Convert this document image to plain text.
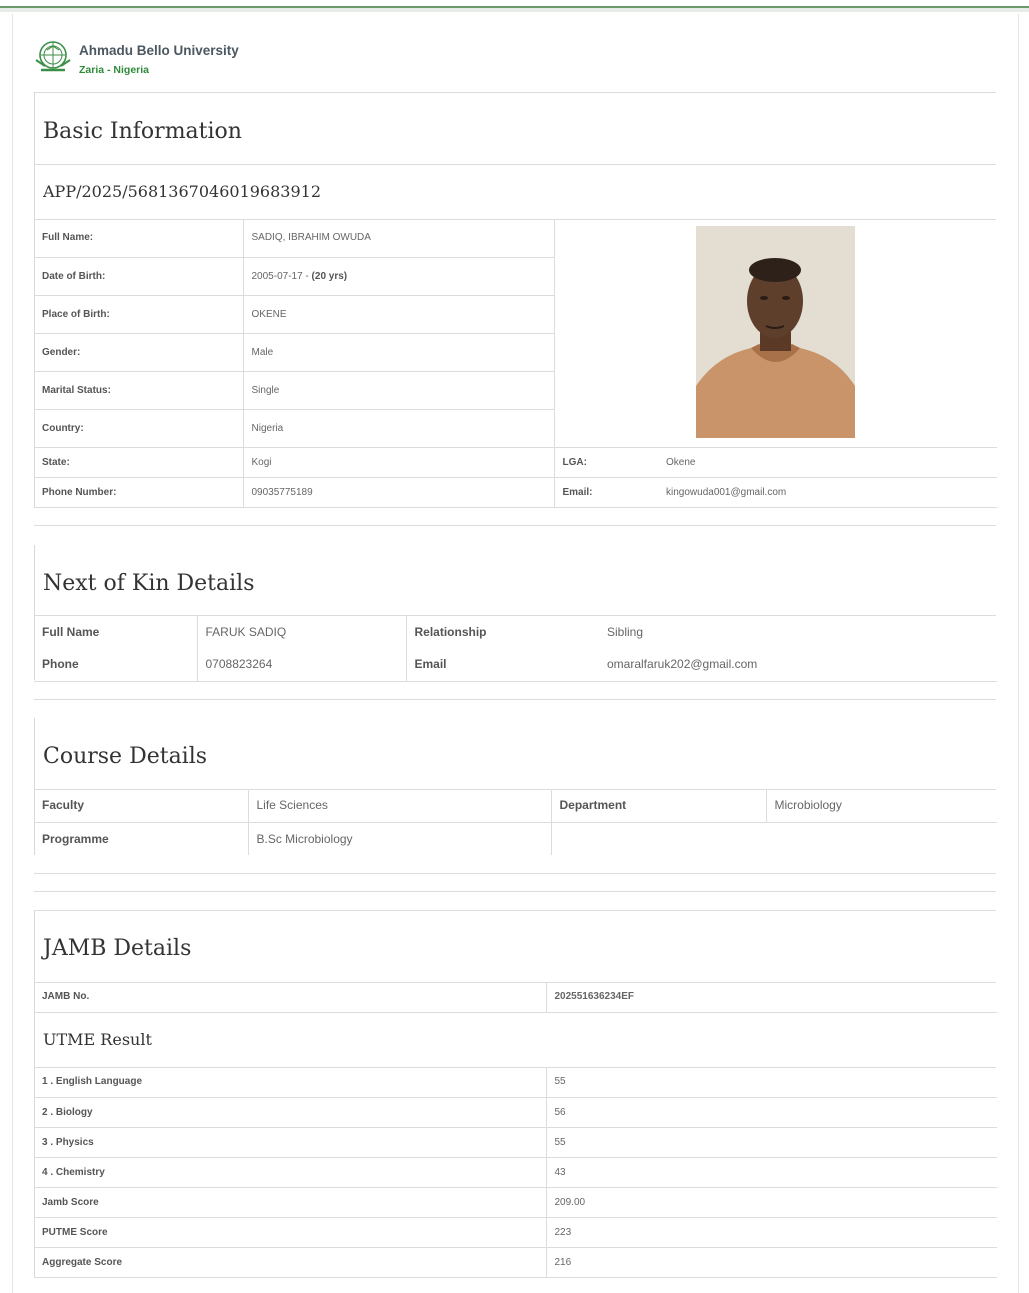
Ahmadu Bello University
Zaria - Nigeria
Basic Information
APP/2025/5681367046019683912
Full Name:	SADIQ, IBRAHIM OWUDA	
Date of Birth:	2005-07-17 - (20 yrs)		
Place of Birth:	OKENE		
Gender:	Male		
Marital Status:	Single		
Country:	Nigeria		
State:	Kogi	LGA:	Okene
Phone Number:	09035775189	Email:	kingowuda001@gmail.com
Next of Kin Details
Full Name	FARUK SADIQ	Relationship	Sibling
Phone	0708823264	Email	omaralfaruk202@gmail.com
Course Details
Faculty	Life Sciences	Department	Microbiology
Programme	B.Sc Microbiology		
JAMB Details
JAMB No.	202551636234EF
UTME Result
1 . English Language	55
2 . Biology	56
3 . Physics	55
4 . Chemistry	43
Jamb Score	209.00
PUTME Score	223
Aggregate Score	216
